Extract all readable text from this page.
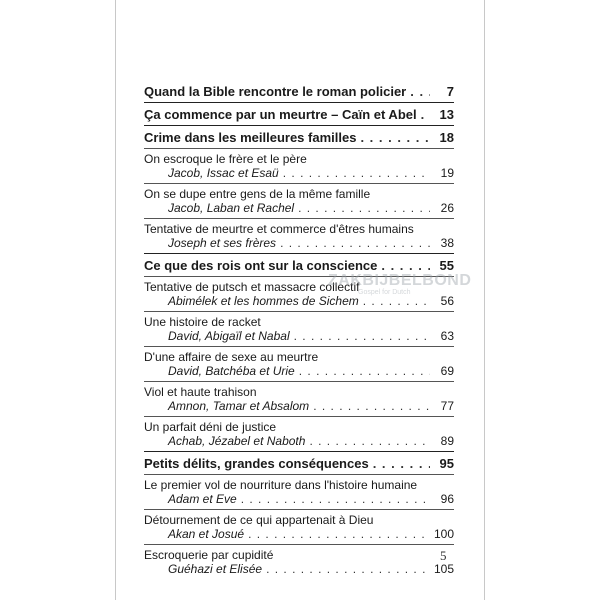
Quand la Bible rencontre le roman policier . . .	7
Ça commence par un meurtre – Caïn et Abel . . .	13
Crime dans les meilleures familles . . .	18
On escroque le frère et le père
Jacob, Issac et Esaü . . .	19
On se dupe entre gens de la même famille
Jacob, Laban et Rachel . . .	26
Tentative de meurtre et commerce d'êtres humains
Joseph et ses frères . . .	38
Ce que des rois ont sur la conscience . . .	55
Tentative de putsch et massacre collectif
Abimélek et les hommes de Sichem . . .	56
Une histoire de racket
David, Abigaïl et Nabal . . .	63
D'une affaire de sexe au meurtre
David, Batchéba et Urie . . .	69
Viol et haute trahison
Amnon, Tamar et Absalom . . .	77
Un parfait déni de justice
Achab, Jézabel et Naboth . . .	89
Petits délits, grandes conséquences . . .	95
Le premier vol de nourriture dans l'histoire humaine
Adam et Eve . . .	96
Détournement de ce qui appartenait à Dieu
Akan et Josué . . .	100
Escroquerie par cupidité
Guéhazi et Elisée . . .	105
ZAKBIJBELBOND
Gospel for Dutch
5
